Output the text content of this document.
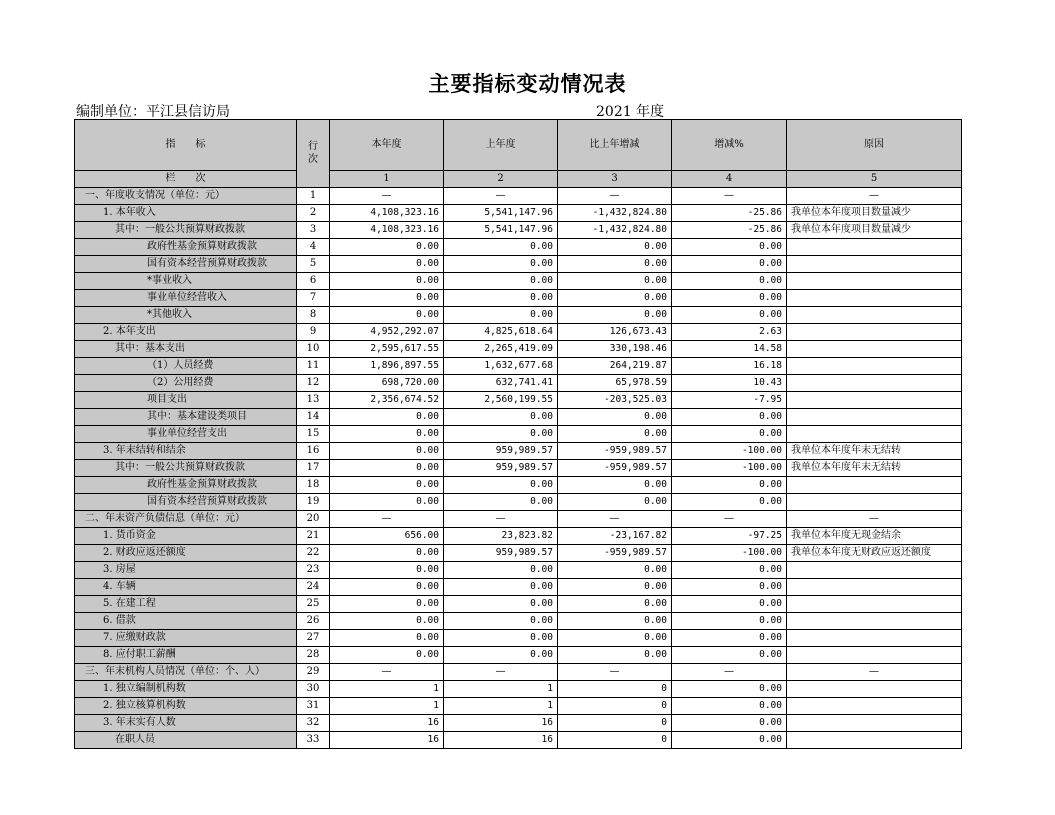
主要指标变动情况表
编制单位：平江县信访局	2021 年度
指　　标	行次	本年度	上年度	比上年增减	增减%	原因
栏　　次		1	2	3	4	5
一、年度收支情况（单位：元）	1	—	—	—	—	—
1. 本年收入	2	4,108,323.16	5,541,147.96	-1,432,824.80	-25.86	我单位本年度项目数量减少
其中：一般公共预算财政拨款	3	4,108,323.16	5,541,147.96	-1,432,824.80	-25.86	我单位本年度项目数量减少
政府性基金预算财政拨款	4	0.00	0.00	0.00	0.00	
国有资本经营预算财政拨款	5	0.00	0.00	0.00	0.00	
*事业收入	6	0.00	0.00	0.00	0.00	
事业单位经营收入	7	0.00	0.00	0.00	0.00	
*其他收入	8	0.00	0.00	0.00	0.00	
2. 本年支出	9	4,952,292.07	4,825,618.64	126,673.43	2.63	
其中：基本支出	10	2,595,617.55	2,265,419.09	330,198.46	14.58	
（1）人员经费	11	1,896,897.55	1,632,677.68	264,219.87	16.18	
（2）公用经费	12	698,720.00	632,741.41	65,978.59	10.43	
项目支出	13	2,356,674.52	2,560,199.55	-203,525.03	-7.95	
其中：基本建设类项目	14	0.00	0.00	0.00	0.00	
事业单位经营支出	15	0.00	0.00	0.00	0.00	
3. 年末结转和结余	16	0.00	959,989.57	-959,989.57	-100.00	我单位本年度年末无结转
其中：一般公共预算财政拨款	17	0.00	959,989.57	-959,989.57	-100.00	我单位本年度年末无结转
政府性基金预算财政拨款	18	0.00	0.00	0.00	0.00	
国有资本经营预算财政拨款	19	0.00	0.00	0.00	0.00	
二、年末资产负债信息（单位：元）	20	—	—	—	—	—
1. 货币资金	21	656.00	23,823.82	-23,167.82	-97.25	我单位本年度无现金结余
2. 财政应返还额度	22	0.00	959,989.57	-959,989.57	-100.00	我单位本年度无财政应返还额度
3. 房屋	23	0.00	0.00	0.00	0.00	
4. 车辆	24	0.00	0.00	0.00	0.00	
5. 在建工程	25	0.00	0.00	0.00	0.00	
6. 借款	26	0.00	0.00	0.00	0.00	
7. 应缴财政款	27	0.00	0.00	0.00	0.00	
8. 应付职工薪酬	28	0.00	0.00	0.00	0.00	
三、年末机构人员情况（单位：个、人）	29	—	—	—	—	—
1. 独立编制机构数	30	1	1	0	0.00	
2. 独立核算机构数	31	1	1	0	0.00	
3. 年末实有人数	32	16	16	0	0.00	
在职人员	33	16	16	0	0.00	
